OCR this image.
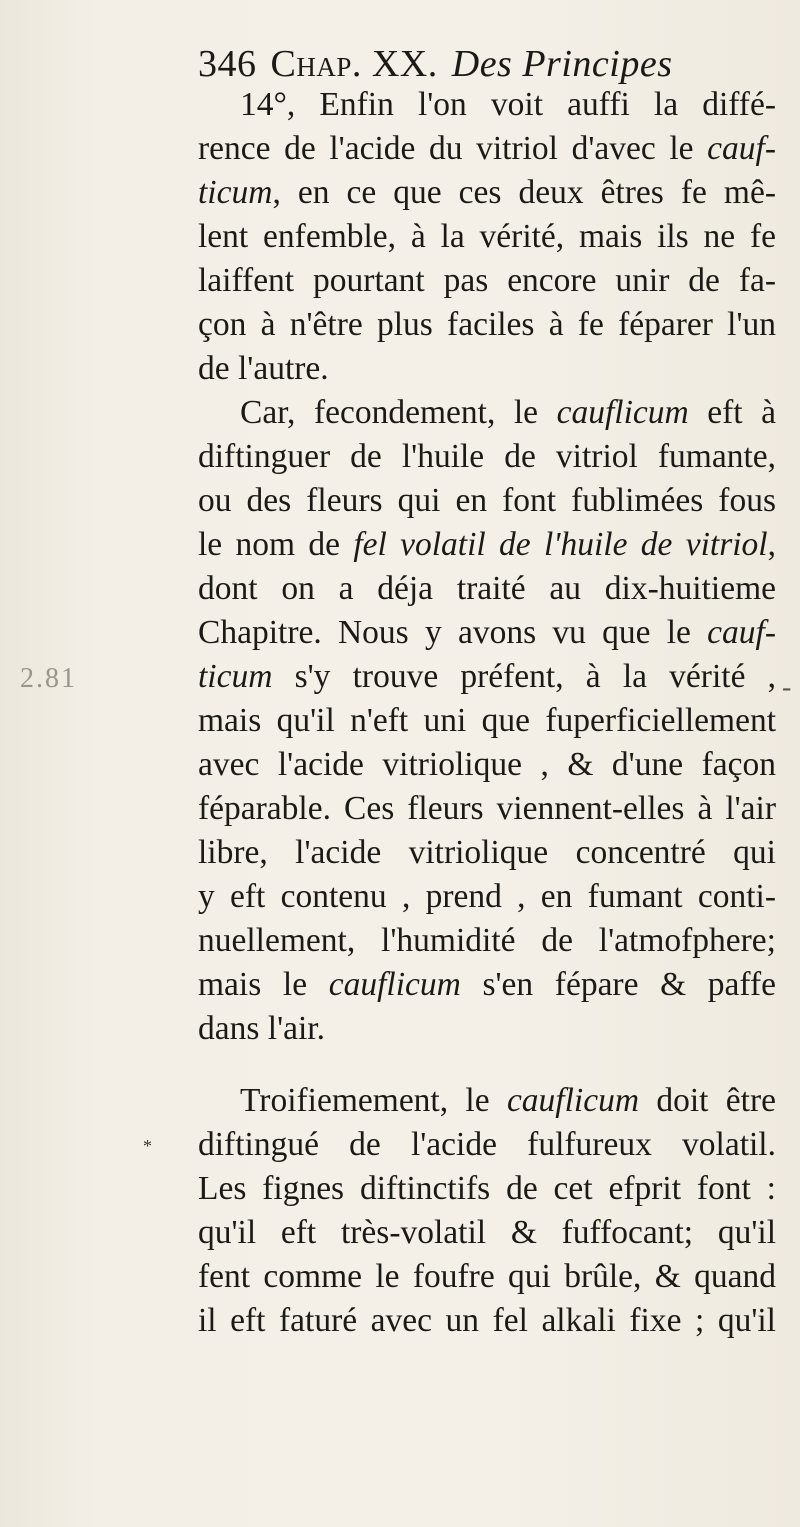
346 Chap. XX. Des Principes
2.81	-
*
14°, Enfin l'on voit auffi la diffé-
rence de l'acide du vitriol d'avec le cauf-
ticum, en ce que ces deux êtres fe mê-
lent enfemble, à la vérité, mais ils ne fe
laiffent pourtant pas encore unir de fa-
çon à n'être plus faciles à fe féparer l'un
de l'autre.
Car, fecondement, le cauflicum eft à
diftinguer de l'huile de vitriol fumante,
ou des fleurs qui en font fublimées fous
le nom de fel volatil de l'huile de vitriol,
dont on a déja traité au dix-huitieme
Chapitre. Nous y avons vu que le cauf-
ticum s'y trouve préfent, à la vérité ,
mais qu'il n'eft uni que fuperficiellement
avec l'acide vitriolique , & d'une façon
féparable. Ces fleurs viennent-elles à l'air
libre, l'acide vitriolique concentré qui
y eft contenu , prend , en fumant conti-
nuellement, l'humidité de l'atmofphere;
mais le cauflicum s'en fépare & paffe
dans l'air.
Troifiemement, le cauflicum doit être
diftingué de l'acide fulfureux volatil.
Les fignes diftinctifs de cet efprit font :
qu'il eft très-volatil & fuffocant; qu'il
fent comme le foufre qui brûle, & quand
il eft faturé avec un fel alkali fixe ; qu'il
